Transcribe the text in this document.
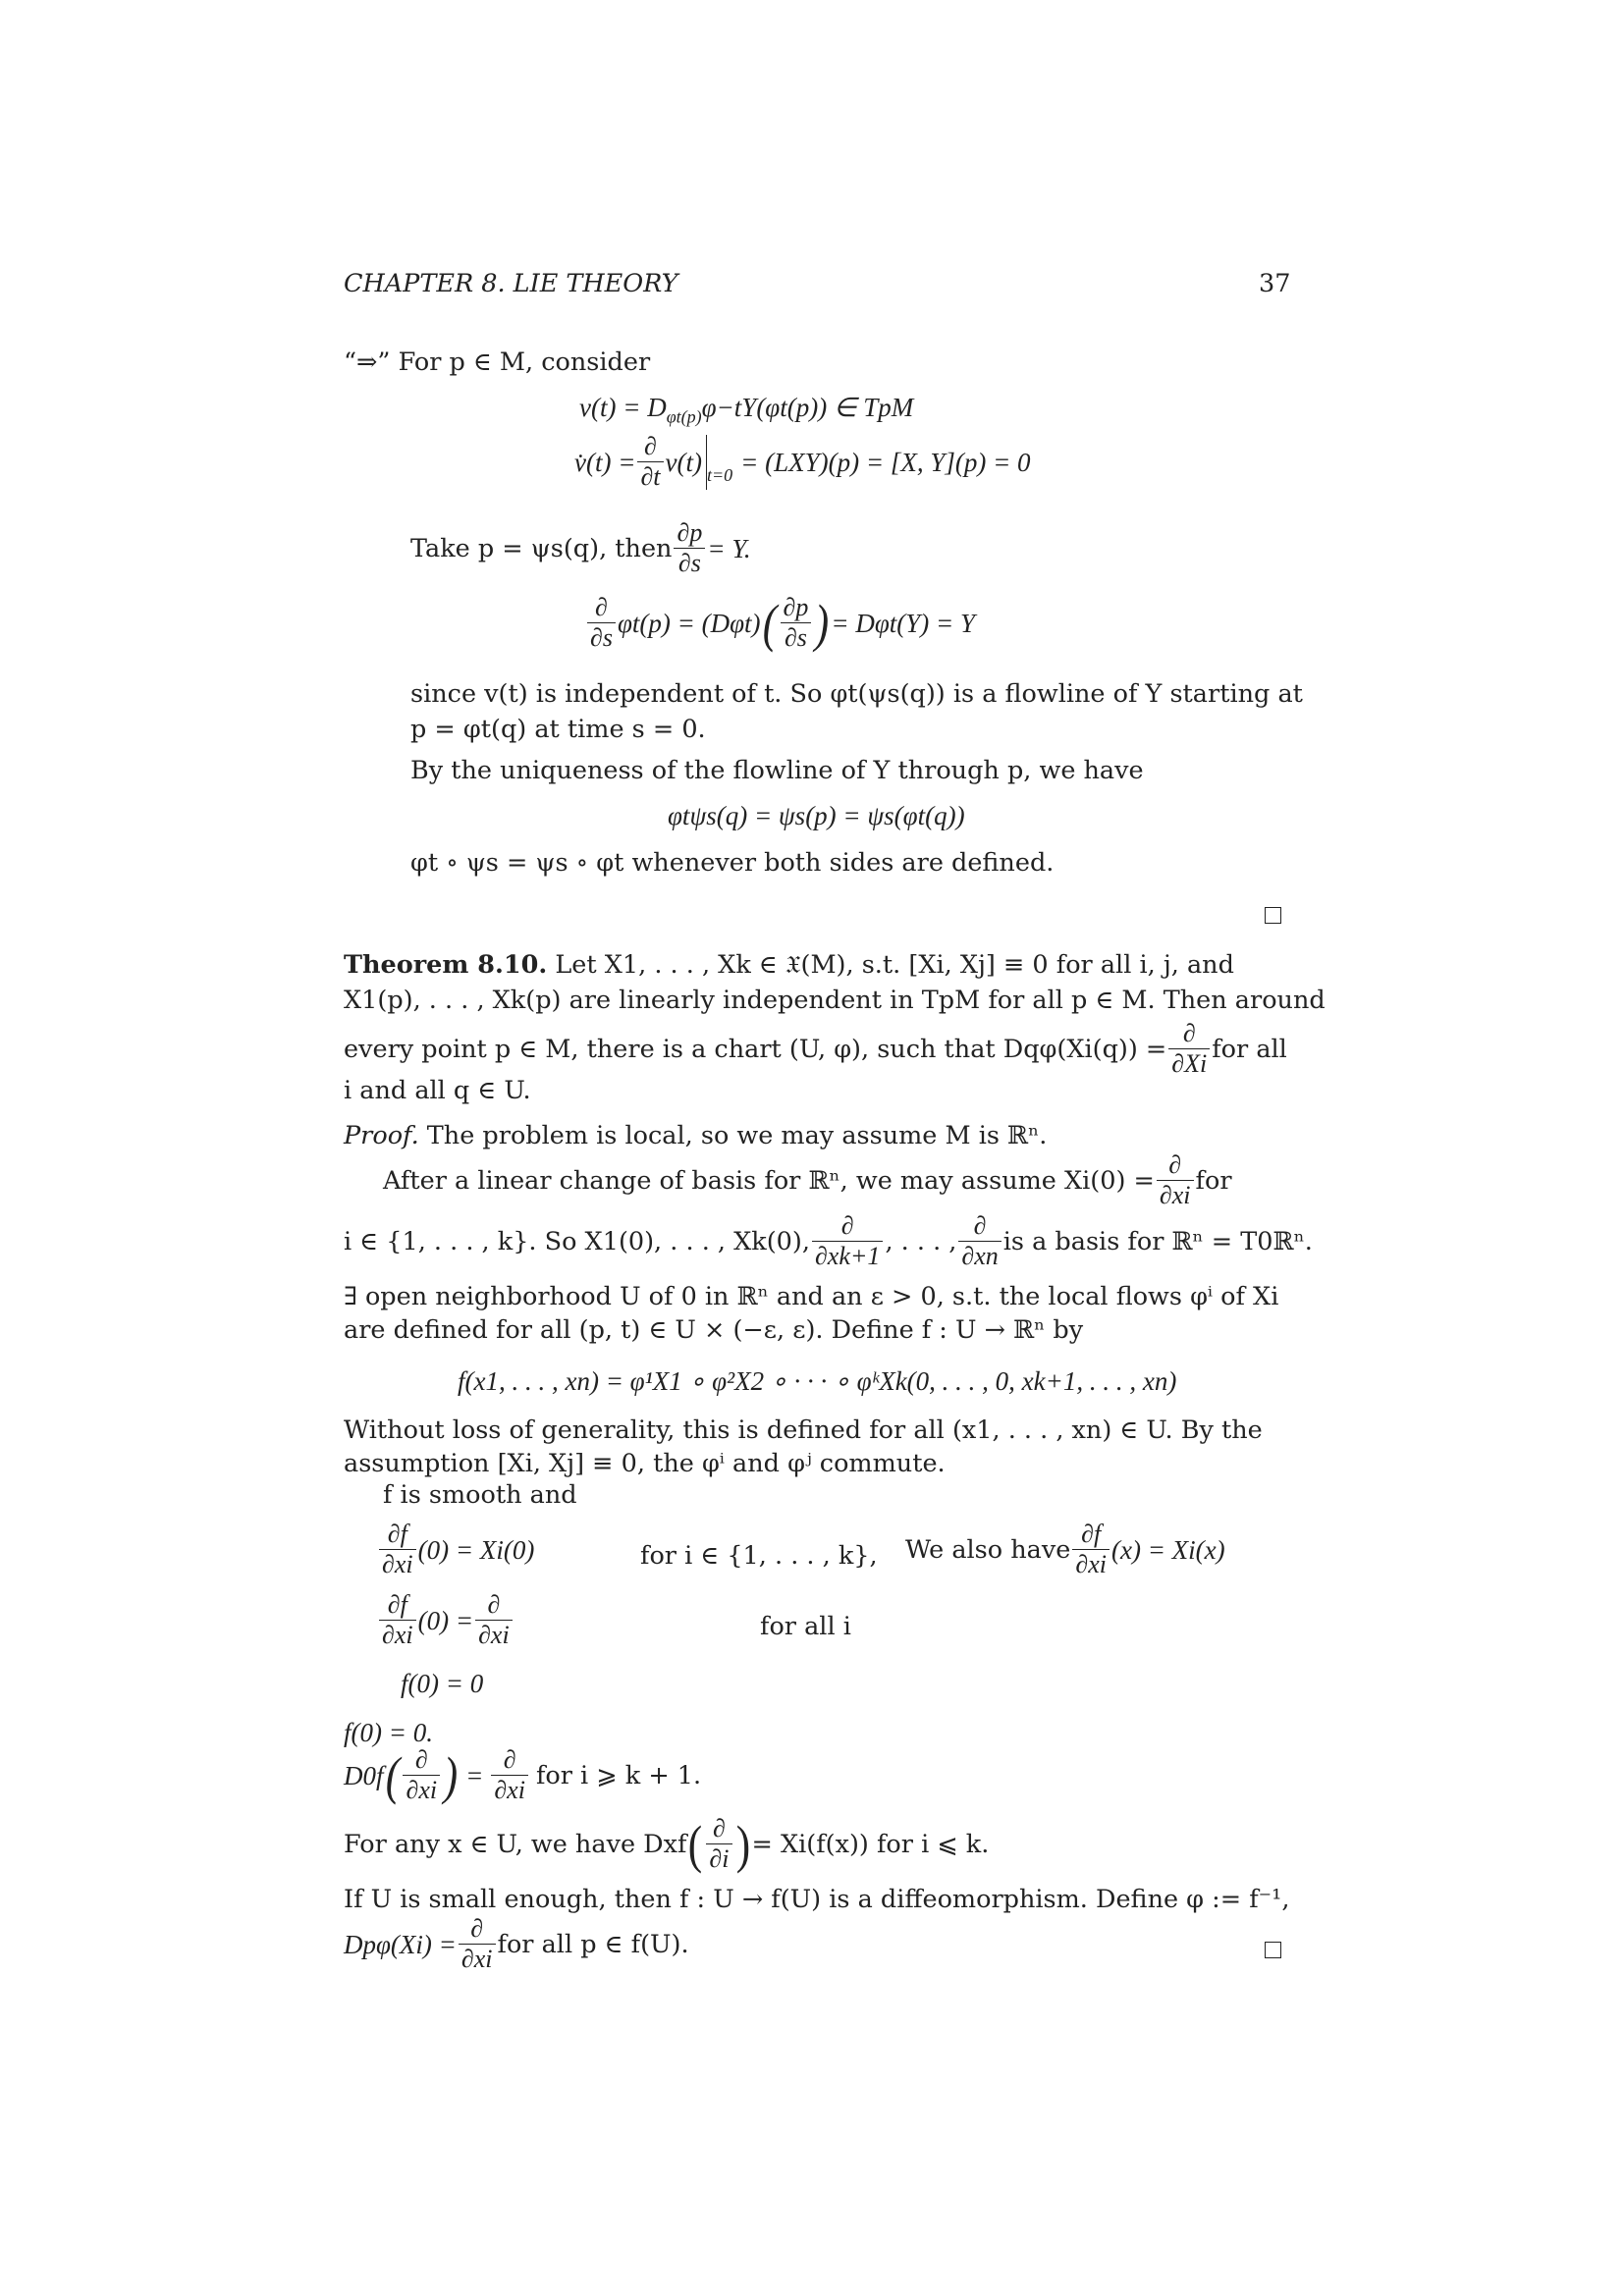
CHAPTER 8. LIE THEORY	37
“⇒” For p ∈ M, consider
$v(t) = D_{\varphi t(p)}\varphi-tY(\varphi t(p))$ ∈ TpM
v̇(t) = $\frac{\partial}{\partial t} v(t) _{t=0} = (LXY)(p) = [X$, Y](p) = 0
Take p = ψs(q), then $\frac{\partial p}{\partial s} = Y$.
$\frac{\partial}{\partial s} \varphi t(p) = (D\varphi t)$ ( $\frac{\partial p}{\partial s}$ ) = Dφt(Y) = Y
since v(t) is independent of t. So φt(ψs(q)) is a flowline of Y starting at
p = φt(q) at time s = 0.
By the uniqueness of the flowline of Y through p, we have
φtψs(q) = ψs(p) = ψs(φt(q))
φt ∘ ψs = ψs ∘ φt whenever both sides are defined.
Theorem 8.10. Let X1, . . . , Xk ∈ 𝔛(M), s.t. [Xi, Xj] ≡ 0 for all i, j, and
X1(p), . . . , Xk(p) are linearly independent in TpM for all p ∈ M. Then around
every point p ∈ M, there is a chart (U, φ), such that $Dq\varphi(Xi(q)) = \frac{\partial}{\partial Xi}$ for all
i and all q ∈ U.
Proof. The problem is local, so we may assume M is ℝⁿ.
After a linear change of basis for ℝⁿ, we may assume $Xi(0) = \frac{\partial}{\partial xi}$ for
i ∈ {1, . . . , k}. So X1(0), . . . , Xk(0), $\frac{\partial}{\partial xk+1}$ , . . . , $\frac{\partial}{\partial xn}$ is a basis for ℝⁿ = T0ℝⁿ.
∃ open neighborhood U of 0 in ℝⁿ and an ε > 0, s.t. the local flows φⁱ of Xi
are defined for all (p, t) ∈ U × (−ε, ε). Define f : U → ℝⁿ by
f(x1, . . . , xn) = φ¹X1 ∘ φ²X2 ∘ · · · ∘ φᵏXk(0, . . . , 0, xk+1, . . . , xn)
Without loss of generality, this is defined for all (x1, . . . , xn) ∈ U. By the
assumption [Xi, Xj] ≡ 0, the φⁱ and φʲ commute.
f is smooth and
$\frac{\partial f}{\partial xi} (0) = Xi(0)$	for i ∈ {1, . . . , k}, We also have $\frac{\partial f}{\partial xi} (x) = Xi(x)$
$\frac{\partial f}{\partial xi} (0) = \frac{\partial}{\partial xi}$	for all i
f(0) = 0
f(0) = 0.
D0f ( $\frac{\partial}{\partial xi}$ ) = $\frac{\partial}{\partial xi}$ for i ⩾ k + 1.
For any x ∈ U, we have Dxf ( $\frac{\partial}{\partial i}$ ) = Xi(f(x)) for i ⩽ k.
If U is small enough, then f : U → f(U) is a diffeomorphism. Define φ := f⁻¹,
$Dp\varphi(Xi) = \frac{\partial}{\partial xi}$ for all p ∈ f(U).
